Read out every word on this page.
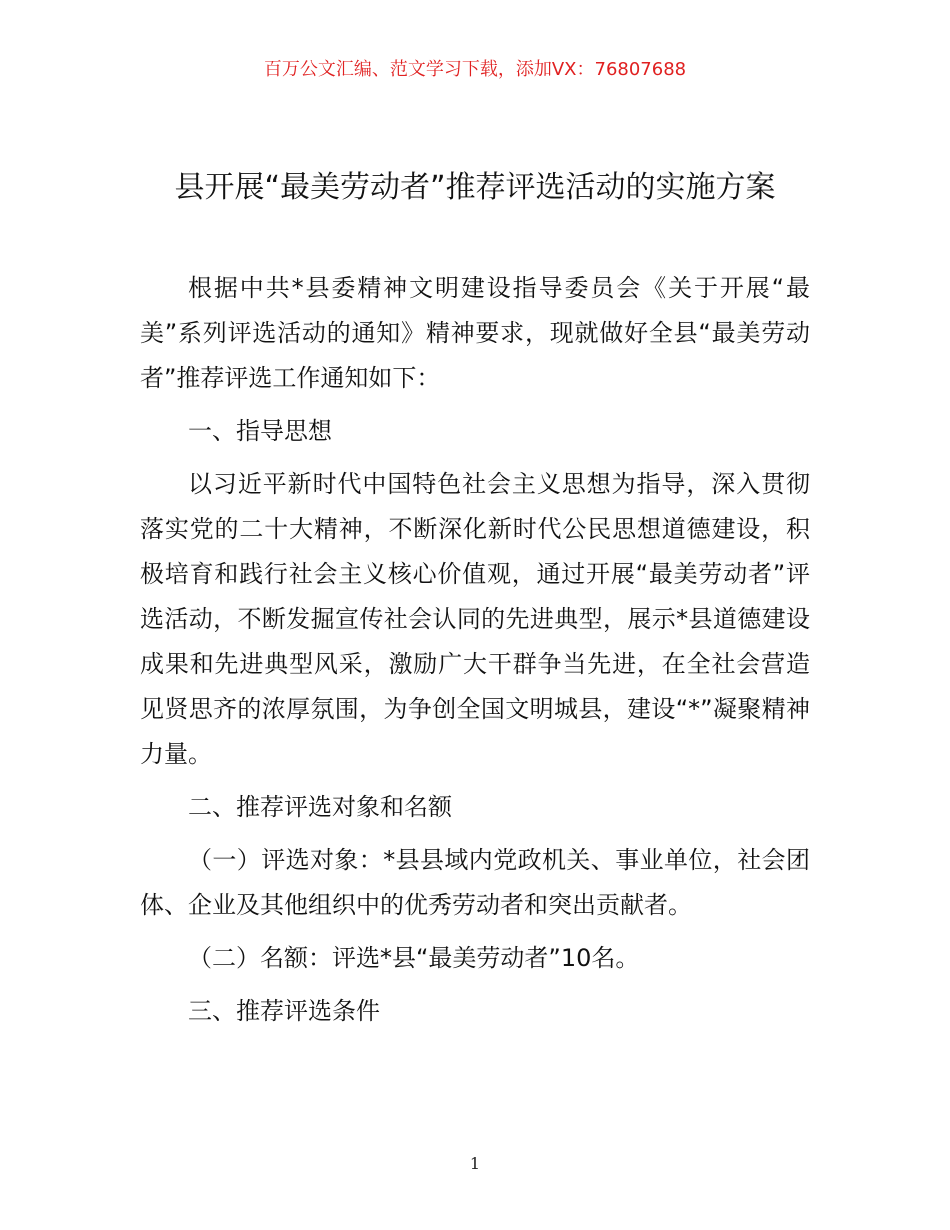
百万公文汇编、范文学习下载，添加VX：76807688
县开展“最美劳动者”推荐评选活动的实施方案

根据中共*县委精神文明建设指导委员会《关于开展“最美”系列评选活动的通知》精神要求，现就做好全县“最美劳动者”推荐评选工作通知如下：

一、指导思想

以习近平新时代中国特色社会主义思想为指导，深入贯彻落实党的二十大精神，不断深化新时代公民思想道德建设，积极培育和践行社会主义核心价值观，通过开展“最美劳动者”评选活动，不断发掘宣传社会认同的先进典型，展示*县道德建设成果和先进典型风采，激励广大干群争当先进，在全社会营造见贤思齐的浓厚氛围，为争创全国文明城县，建设“*”凝聚精神力量。

二、推荐评选对象和名额

（一）评选对象：*县县域内党政机关、事业单位，社会团体、企业及其他组织中的优秀劳动者和突出贡献者。

（二）名额：评选*县“最美劳动者”10名。

三、推荐评选条件

1
